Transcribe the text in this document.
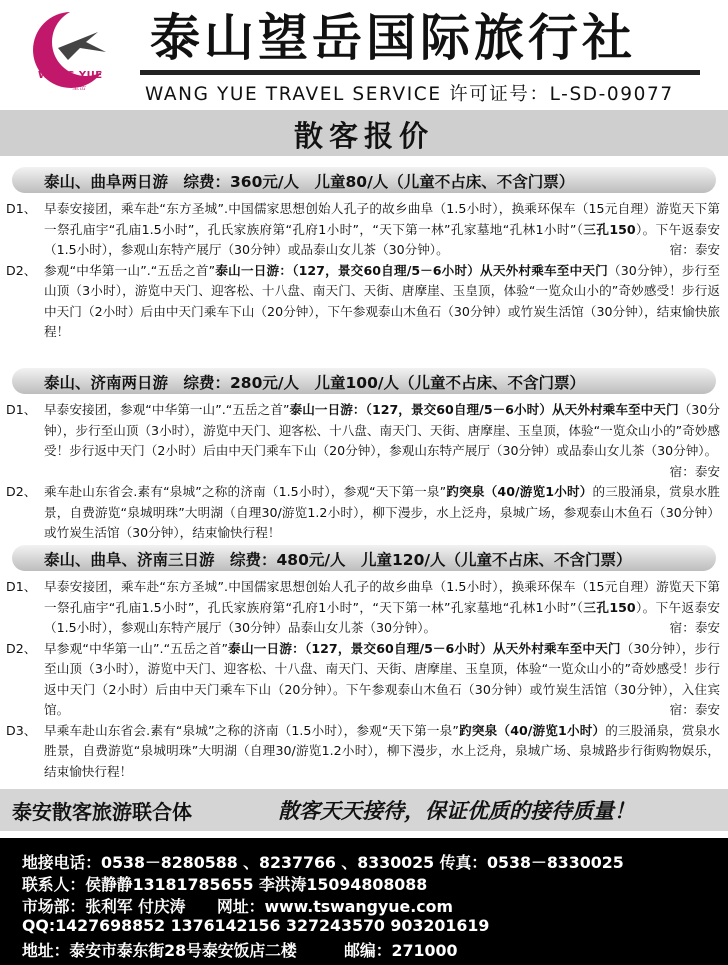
WANG YUE
望岳
泰山望岳国际旅行社
WANG YUE TRAVEL SERVICE 许可证号：L-SD-09077
散客报价
泰山、曲阜两日游　综费：360元/人　儿童80/人（儿童不占床、不含门票）
D1、 早泰安接团，乘车赴“东方圣城”.中国儒家思想创始人孔子的故乡曲阜（1.5小时），换乘环保车（15元自理）游览天下第一祭孔庙宇“孔庙1.5小时”，孔氏家族府第“孔府1小时”，“天下第一林”孔家墓地“孔林1小时”（三孔150）。下午返泰安（1.5小时），参观山东特产展厅（30分钟）或品泰山女儿茶（30分钟）。	宿：泰安
D2、 参观“中华第一山”.“五岳之首”泰山一日游：（127，景交60自理/5－6小时）从天外村乘车至中天门（30分钟），步行至山顶（3小时），游览中天门、迎客松、十八盘、南天门、天街、唐摩崖、玉皇顶，体验“一览众山小的”奇妙感受！步行返中天门（2小时）后由中天门乘车下山（20分钟），下午参观泰山木鱼石（30分钟）或竹炭生活馆（30分钟），结束愉快旅程！
泰山、济南两日游　综费：280元/人　儿童100/人（儿童不占床、不含门票）
D1、 早泰安接团，参观“中华第一山”.“五岳之首”泰山一日游：（127，景交60自理/5－6小时）从天外村乘车至中天门（30分钟），步行至山顶（3小时），游览中天门、迎客松、十八盘、南天门、天街、唐摩崖、玉皇顶，体验“一览众山小的”奇妙感受！步行返中天门（2小时）后由中天门乘车下山（20分钟），参观山东特产展厅（30分钟）或品泰山女儿茶（30分钟）。
宿：泰安
D2、 乘车赴山东省会.素有“泉城”之称的济南（1.5小时），参观“天下第一泉”趵突泉（40/游览1小时）的三股涌泉，赏泉水胜景，自费游览“泉城明珠”大明湖（自理30/游览1.2小时），柳下漫步，水上泛舟，泉城广场，参观泰山木鱼石（30分钟）或竹炭生活馆（30分钟），结束愉快行程！
泰山、曲阜、济南三日游　综费：480元/人　儿童120/人（儿童不占床、不含门票）
D1、 早泰安接团，乘车赴“东方圣城”.中国儒家思想创始人孔子的故乡曲阜（1.5小时），换乘环保车（15元自理）游览天下第一祭孔庙宇“孔庙1.5小时”，孔氏家族府第“孔府1小时”，“天下第一林”孔家墓地“孔林1小时”（三孔150）。下午返泰安（1.5小时），参观山东特产展厅（30分钟）品泰山女儿茶（30分钟）。	宿：泰安
D2、 早参观“中华第一山”.“五岳之首”泰山一日游：（127，景交60自理/5－6小时）从天外村乘车至中天门（30分钟），步行至山顶（3小时），游览中天门、迎客松、十八盘、南天门、天街、唐摩崖、玉皇顶，体验“一览众山小的”奇妙感受！步行返中天门（2小时）后由中天门乘车下山（20分钟）。下午参观泰山木鱼石（30分钟）或竹炭生活馆（30分钟），入住宾馆。	宿：泰安
D3、 早乘车赴山东省会.素有“泉城”之称的济南（1.5小时），参观“天下第一泉”趵突泉（40/游览1小时）的三股涌泉，赏泉水胜景，自费游览“泉城明珠”大明湖（自理30/游览1.2小时），柳下漫步，水上泛舟，泉城广场、泉城路步行街购物娱乐，结束愉快行程！
泰安散客旅游联合体	散客天天接待，保证优质的接待质量！
地接电话：0538－8280588 、8237766 、8330025 传真：0538－8330025
联系人：侯静静13181785655 李洪涛15094808088
市场部：张利军 付庆涛　　网址：www.tswangyue.com
QQ:1427698852 1376142156 327243570 903201619
地址：泰安市泰东街28号泰安饭店二楼　　　邮编：271000
